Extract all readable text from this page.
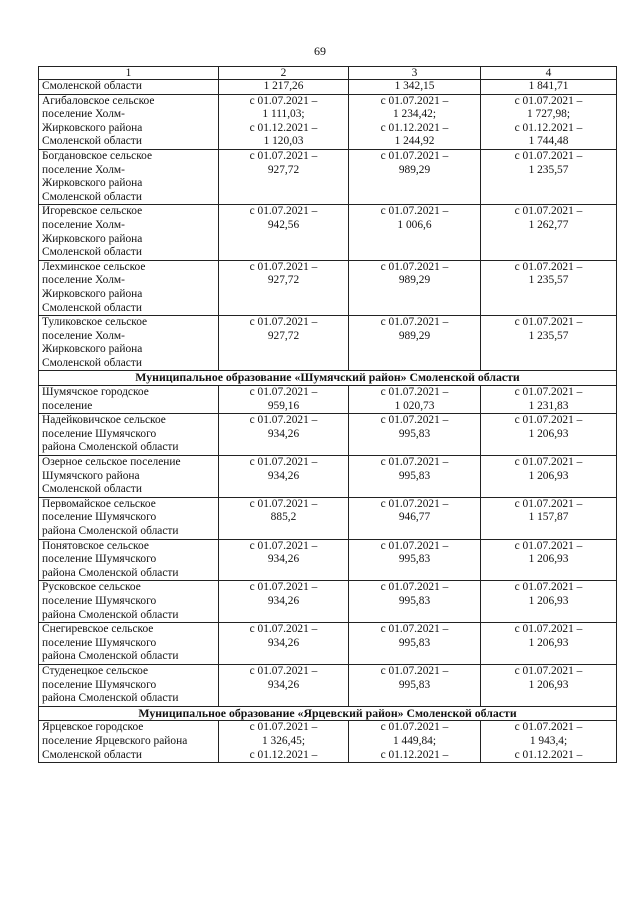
69
1	2	3	4

Смоленской области	1 217,26	1 342,15	1 841,71

Агибаловское сельское
поселение Холм-
Жирковского района
Смоленской области	с 01.07.2021 –
1 111,03;
с 01.12.2021 –
1 120,03	с 01.07.2021 –
1 234,42;
с 01.12.2021 –
1 244,92	с 01.07.2021 –
1 727,98;
с 01.12.2021 –
1 744,48

Богдановское сельское
поселение Холм-
Жирковского района
Смоленской области	с 01.07.2021 –
927,72	с 01.07.2021 –
989,29	с 01.07.2021 –
1 235,57

Игоревское сельское
поселение Холм-
Жирковского района
Смоленской области	с 01.07.2021 –
942,56	с 01.07.2021 –
1 006,6	с 01.07.2021 –
1 262,77

Лехминское сельское
поселение Холм-
Жирковского района
Смоленской области	с 01.07.2021 –
927,72	с 01.07.2021 –
989,29	с 01.07.2021 –
1 235,57

Туликовское сельское
поселение Холм-
Жирковского района
Смоленской области	с 01.07.2021 –
927,72	с 01.07.2021 –
989,29	с 01.07.2021 –
1 235,57

Муниципальное образование «Шумячский район» Смоленской области			

Шумячское городское
поселение	с 01.07.2021 –
959,16	с 01.07.2021 –
1 020,73	с 01.07.2021 –
1 231,83

Надейковичское сельское
поселение Шумячского
района Смоленской области	с 01.07.2021 –
934,26	с 01.07.2021 –
995,83	с 01.07.2021 –
1 206,93

Озерное сельское поселение
Шумячского района
Смоленской области	с 01.07.2021 –
934,26	с 01.07.2021 –
995,83	с 01.07.2021 –
1 206,93

Первомайское сельское
поселение Шумячского
района Смоленской области	с 01.07.2021 –
885,2	с 01.07.2021 –
946,77	с 01.07.2021 –
1 157,87

Понятовское сельское
поселение Шумячского
района Смоленской области	с 01.07.2021 –
934,26	с 01.07.2021 –
995,83	с 01.07.2021 –
1 206,93

Русковское сельское
поселение Шумячского
района Смоленской области	с 01.07.2021 –
934,26	с 01.07.2021 –
995,83	с 01.07.2021 –
1 206,93

Снегиревское сельское
поселение Шумячского
района Смоленской области	с 01.07.2021 –
934,26	с 01.07.2021 –
995,83	с 01.07.2021 –
1 206,93

Студенецкое сельское
поселение Шумячского
района Смоленской области	с 01.07.2021 –
934,26	с 01.07.2021 –
995,83	с 01.07.2021 –
1 206,93

Муниципальное образование «Ярцевский район» Смоленской области			

Ярцевское городское
поселение Ярцевского района
Смоленской области	с 01.07.2021 –
1 326,45;
с 01.12.2021 –	с 01.07.2021 –
1 449,84;
с 01.12.2021 –	с 01.07.2021 –
1 943,4;
с 01.12.2021 –
